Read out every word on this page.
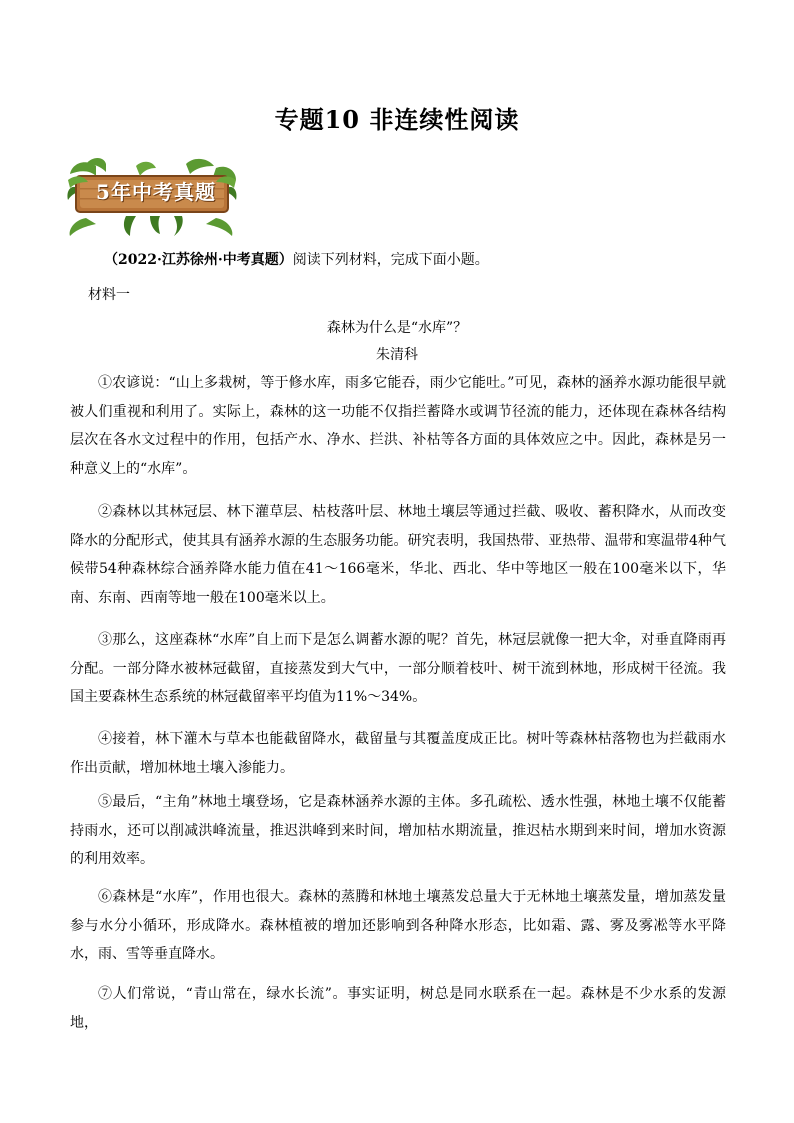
专题10 非连续性阅读
5年中考真题
（2022·江苏徐州·中考真题）阅读下列材料，完成下面小题。
材料一
森林为什么是“水库”？
朱清科

①农谚说：“山上多栽树，等于修水库，雨多它能吞，雨少它能吐。”可见，森林的涵养水源功能很早就被人们重视和利用了。实际上，森林的这一功能不仅指拦蓄降水或调节径流的能力，还体现在森林各结构层次在各水文过程中的作用，包括产水、净水、拦洪、补枯等各方面的具体效应之中。因此，森林是另一种意义上的“水库”。

②森林以其林冠层、林下灌草层、枯枝落叶层、林地土壤层等通过拦截、吸收、蓄积降水，从而改变降水的分配形式，使其具有涵养水源的生态服务功能。研究表明，我国热带、亚热带、温带和寒温带4种气候带54种森林综合涵养降水能力值在41～166毫米，华北、西北、华中等地区一般在100毫米以下，华南、东南、西南等地一般在100毫米以上。

③那么，这座森林“水库”自上而下是怎么调蓄水源的呢？首先，林冠层就像一把大伞，对垂直降雨再分配。一部分降水被林冠截留，直接蒸发到大气中，一部分顺着枝叶、树干流到林地，形成树干径流。我国主要森林生态系统的林冠截留率平均值为11%～34%。

④接着，林下灌木与草本也能截留降水，截留量与其覆盖度成正比。树叶等森林枯落物也为拦截雨水作出贡献，增加林地土壤入渗能力。

⑤最后，“主角”林地土壤登场，它是森林涵养水源的主体。多孔疏松、透水性强，林地土壤不仅能蓄持雨水，还可以削减洪峰流量，推迟洪峰到来时间，增加枯水期流量，推迟枯水期到来时间，增加水资源的利用效率。

⑥森林是“水库”，作用也很大。森林的蒸腾和林地土壤蒸发总量大于无林地土壤蒸发量，增加蒸发量参与水分小循环，形成降水。森林植被的增加还影响到各种降水形态，比如霜、露、雾及雾凇等水平降水，雨、雪等垂直降水。

⑦人们常说，“青山常在，绿水长流”。事实证明，树总是同水联系在一起。森林是不少水系的发源地，
